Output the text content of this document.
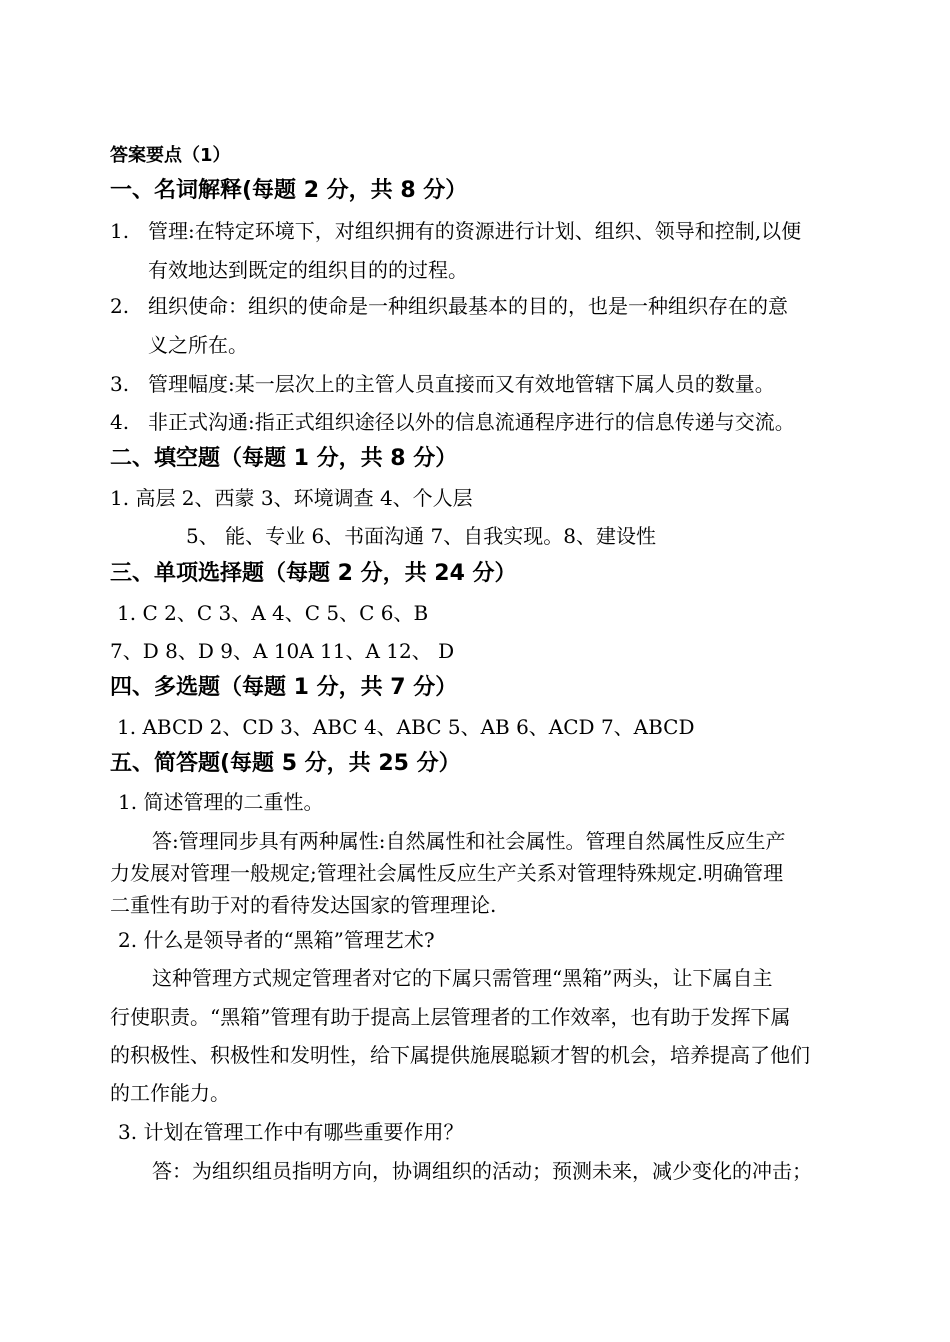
答案要点（1）
一、名词解释(每题 2 分，共 8 分）
1. 管理:在特定环境下，对组织拥有的资源进行计划、组织、领导和控制,以便
有效地达到既定的组织目的的过程。
2. 组织使命：组织的使命是一种组织最基本的目的，也是一种组织存在的意
义之所在。
3. 管理幅度:某一层次上的主管人员直接而又有效地管辖下属人员的数量。
4. 非正式沟通:指正式组织途径以外的信息流通程序进行的信息传递与交流。
二、填空题（每题 1 分，共 8 分）
1. 高层 2、西蒙 3、环境调查 4、个人层
5、 能、专业 6、书面沟通 7、自我实现。8、建设性
三、单项选择题（每题 2 分，共 24 分）
1. C 2、C 3、A 4、C 5、C 6、B
7、D 8、D 9、A 10A 11、A 12、 D
四、多选题（每题 1 分，共 7 分）
1. ABCD 2、CD 3、ABC 4、ABC 5、AB 6、ACD 7、ABCD
五、简答题(每题 5 分，共 25 分）
1. 简述管理的二重性。
答:管理同步具有两种属性:自然属性和社会属性。管理自然属性反应生产
力发展对管理一般规定;管理社会属性反应生产关系对管理特殊规定.明确管理
二重性有助于对的看待发达国家的管理理论.
2. 什么是领导者的“黑箱”管理艺术?
这种管理方式规定管理者对它的下属只需管理“黑箱”两头，让下属自主
行使职责。“黑箱”管理有助于提高上层管理者的工作效率，也有助于发挥下属
的积极性、积极性和发明性，给下属提供施展聪颖才智的机会，培养提高了他们
的工作能力。
3. 计划在管理工作中有哪些重要作用？
答：为组织组员指明方向，协调组织的活动；预测未来，减少变化的冲击；
